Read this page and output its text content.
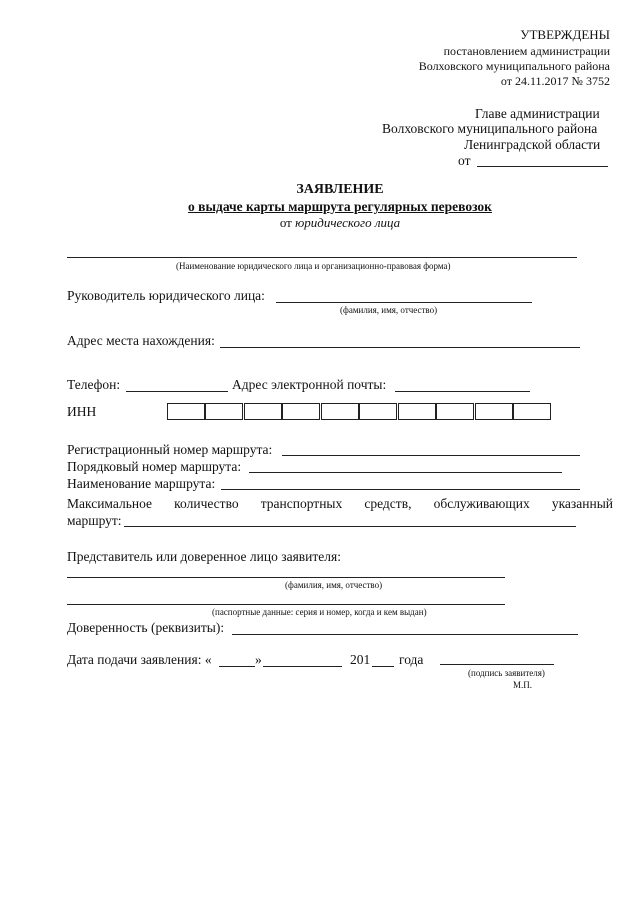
УТВЕРЖДЕНЫ
постановлением администрации
Волховского муниципального района
от 24.11.2017 № 3752
Главе администрации
Волховского муниципального района
Ленинградской области
от
ЗАЯВЛЕНИЕ
о выдаче карты маршрута регулярных перевозок
от юридического лица
(Наименование юридического лица и организационно-правовая форма)
Руководитель юридического лица:
(фамилия, имя, отчество)
Адрес места нахождения:
Телефон:	Адрес электронной почты:
ИНН
Регистрационный номер маршрута:
Порядковый номер маршрута:
Наименование маршрута:
Максимальное количество транспортных средств, обслуживающих указанный
маршрут:
Представитель или доверенное лицо заявителя:
(фамилия, имя, отчество)
(паспортные данные: серия и номер, когда и кем выдан)
Доверенность (реквизиты):
Дата подачи заявления: «	»	201 года
(подпись заявителя)
М.П.
